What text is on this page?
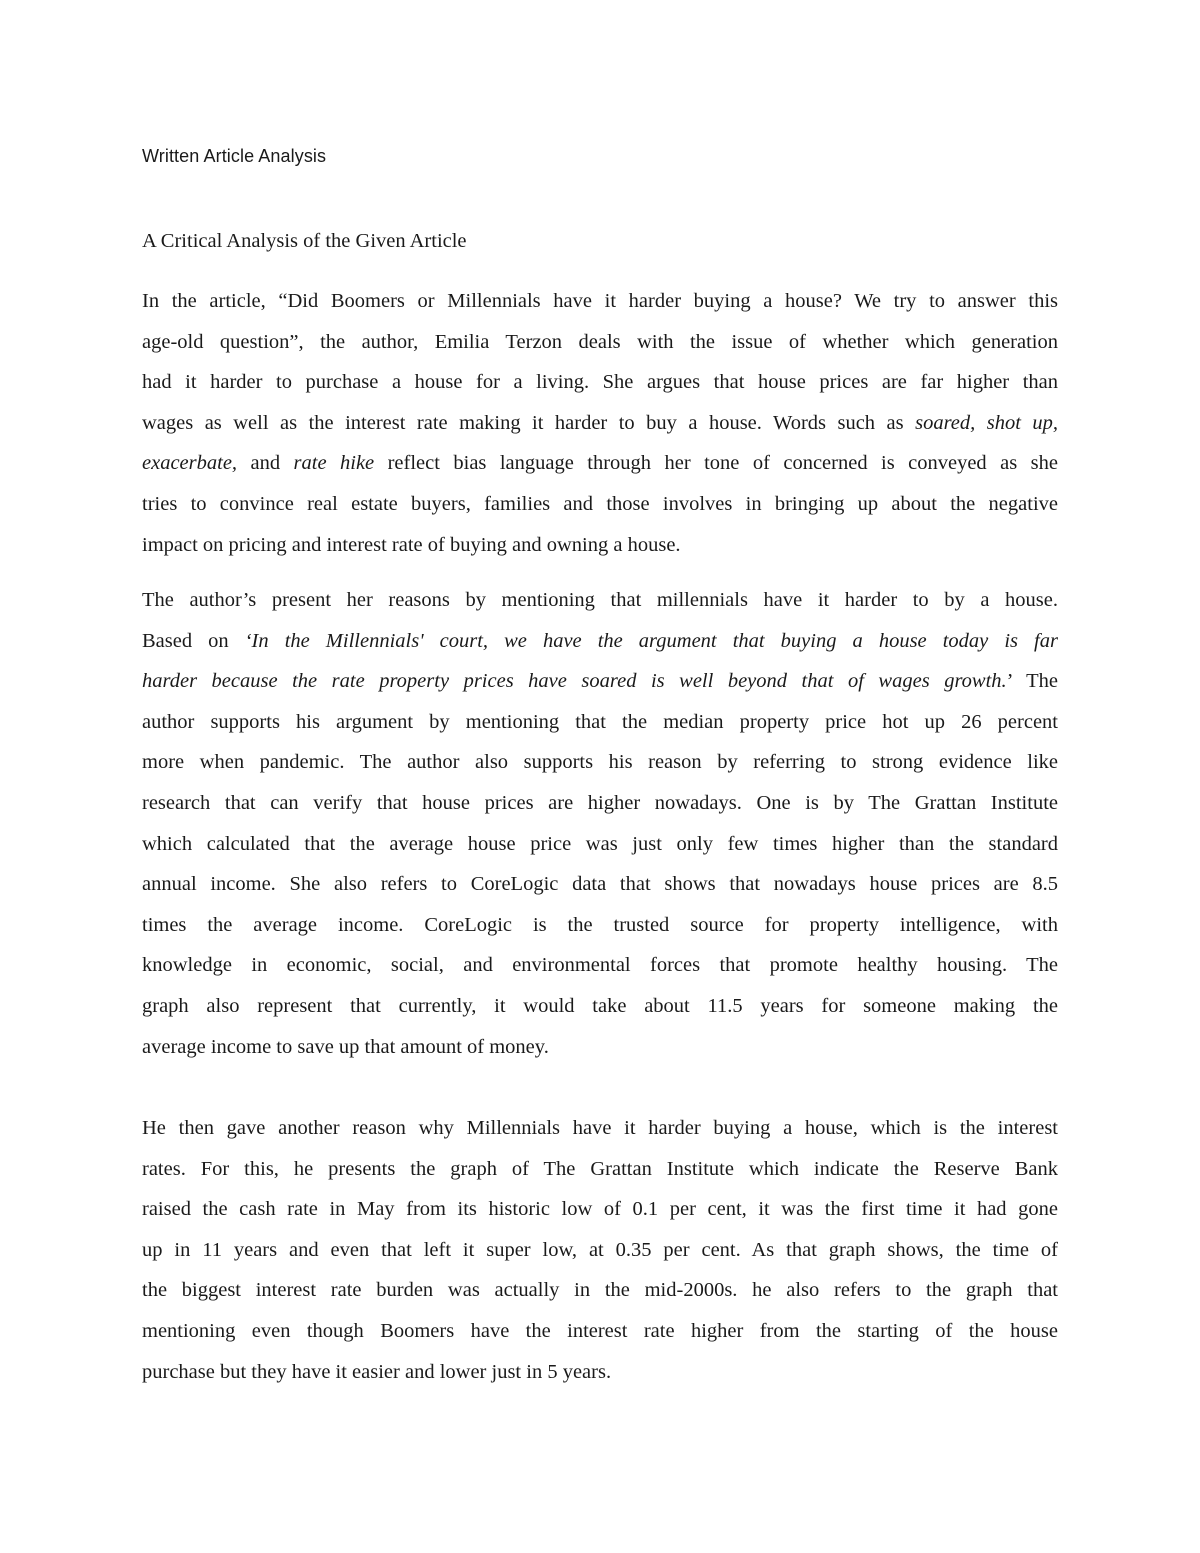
Written Article Analysis
A Critical Analysis of the Given Article
In the article, “Did Boomers or Millennials have it harder buying a house? We try to answer this
age-old question”, the author, Emilia Terzon deals with the issue of whether which generation
had it harder to purchase a house for a living. She argues that house prices are far higher than
wages as well as the interest rate making it harder to buy a house. Words such as soared, shot up,
exacerbate, and rate hike reflect bias language through her tone of concerned is conveyed as she
tries to convince real estate buyers, families and those involves in bringing up about the negative
impact on pricing and interest rate of buying and owning a house.
The author’s present her reasons by mentioning that millennials have it harder to by a house.
Based on ‘In the Millennials' court, we have the argument that buying a house today is far
harder because the rate property prices have soared is well beyond that of wages growth.’ The
author supports his argument by mentioning that the median property price hot up 26 percent
more when pandemic. The author also supports his reason by referring to strong evidence like
research that can verify that house prices are higher nowadays. One is by The Grattan Institute
which calculated that the average house price was just only few times higher than the standard
annual income. She also refers to CoreLogic data that shows that nowadays house prices are 8.5
times the average income. CoreLogic is the trusted source for property intelligence, with
knowledge in economic, social, and environmental forces that promote healthy housing. The
graph also represent that currently, it would take about 11.5 years for someone making the
average income to save up that amount of money.
He then gave another reason why Millennials have it harder buying a house, which is the interest
rates. For this, he presents the graph of The Grattan Institute which indicate the Reserve Bank
raised the cash rate in May from its historic low of 0.1 per cent, it was the first time it had gone
up in 11 years and even that left it super low, at 0.35 per cent. As that graph shows, the time of
the biggest interest rate burden was actually in the mid-2000s. he also refers to the graph that
mentioning even though Boomers have the interest rate higher from the starting of the house
purchase but they have it easier and lower just in 5 years.
